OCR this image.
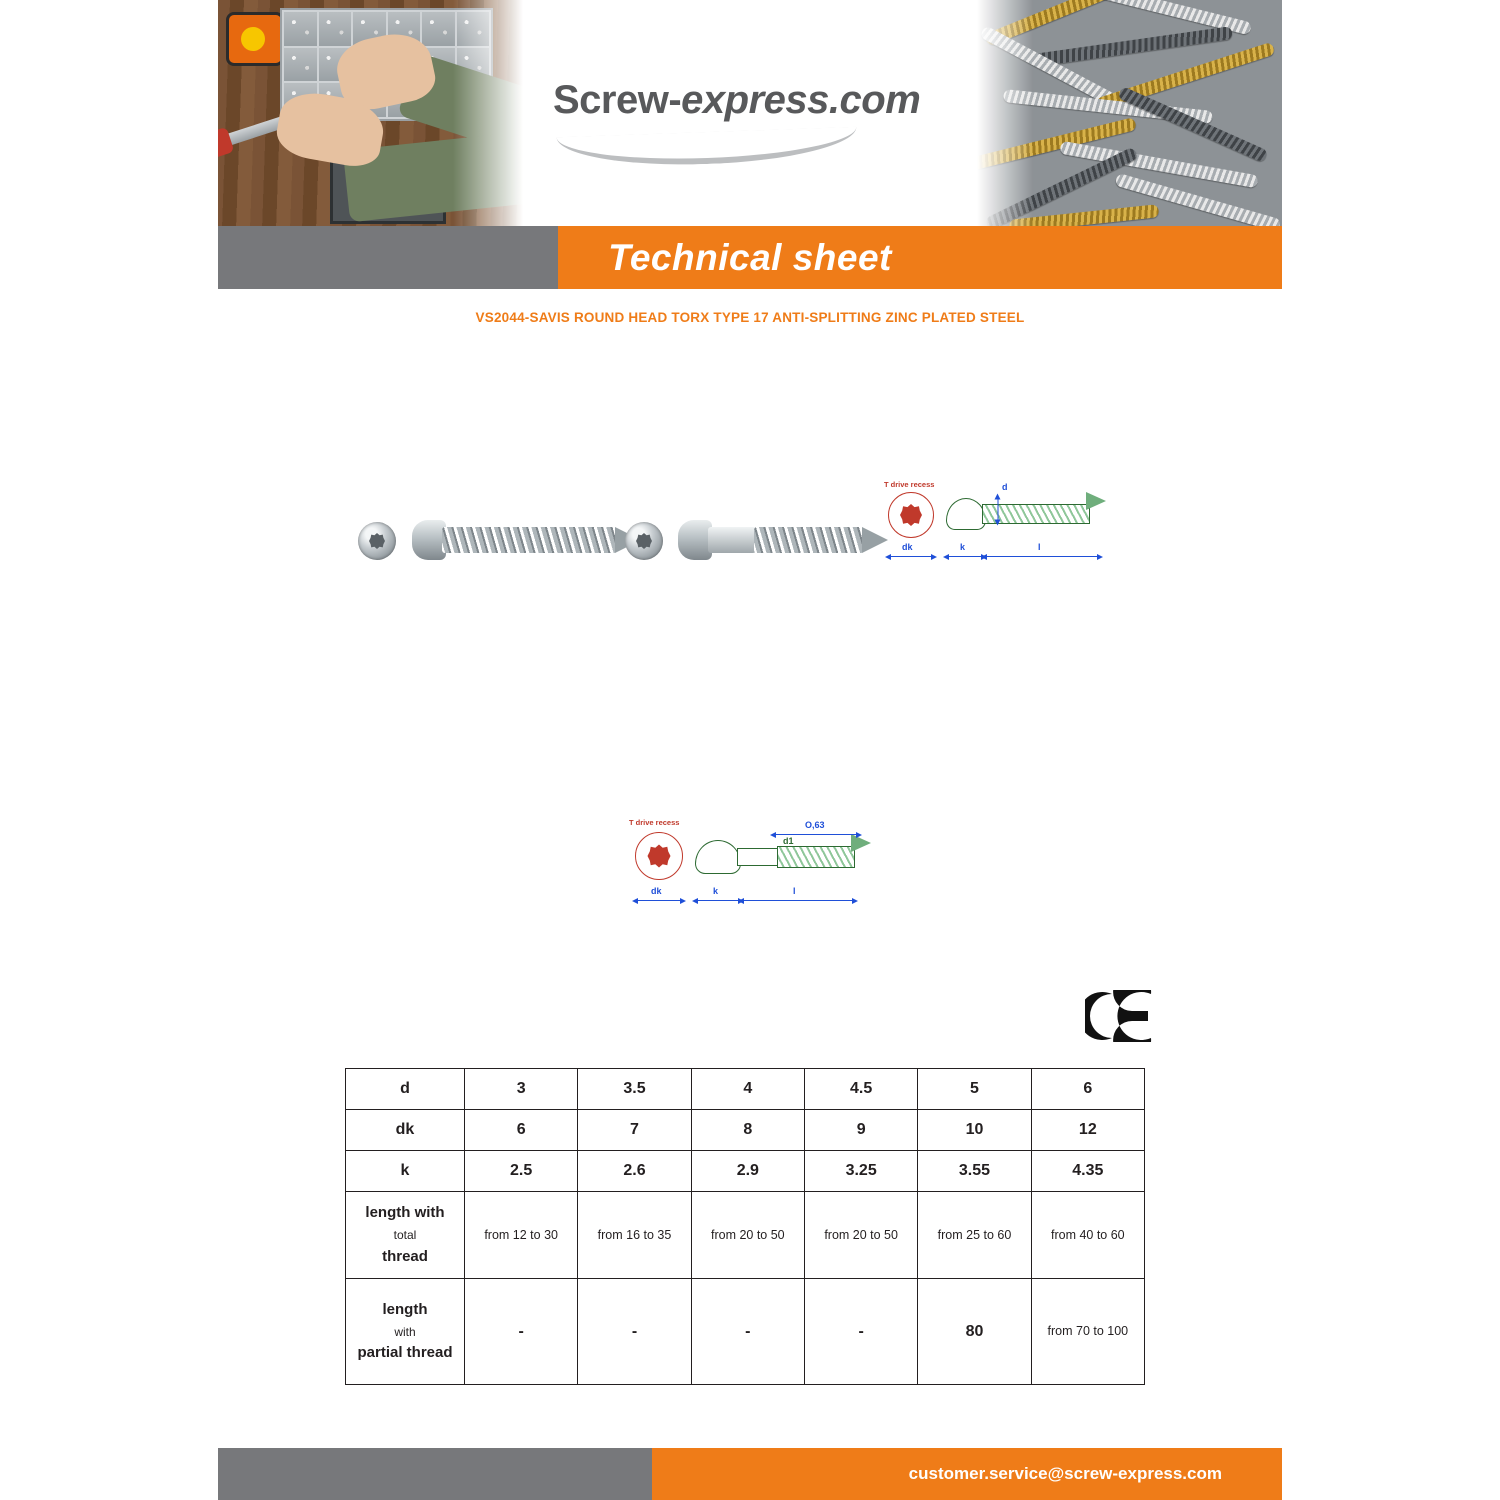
Screw-express.com
Technical sheet
VS2044-SAVIS ROUND HEAD TORX TYPE 17 ANTI-SPLITTING ZINC PLATED STEEL
T drive recess	d
dk	k	l
T drive recess	O,63
d1
dk	k	l
d	3	3.5	4	4.5	5	6
dk	6	7	8	9	10	12
k	2.5	2.6	2.9	3.25	3.55	4.35
length with
total
thread	from 12 to 30	from 16 to 35	from 20 to 50	from 20 to 50	from 25 to 60	from 40 to 60
length
with
partial thread	-	-	-	-	80	from 70 to 100
customer.service@screw-express.com
